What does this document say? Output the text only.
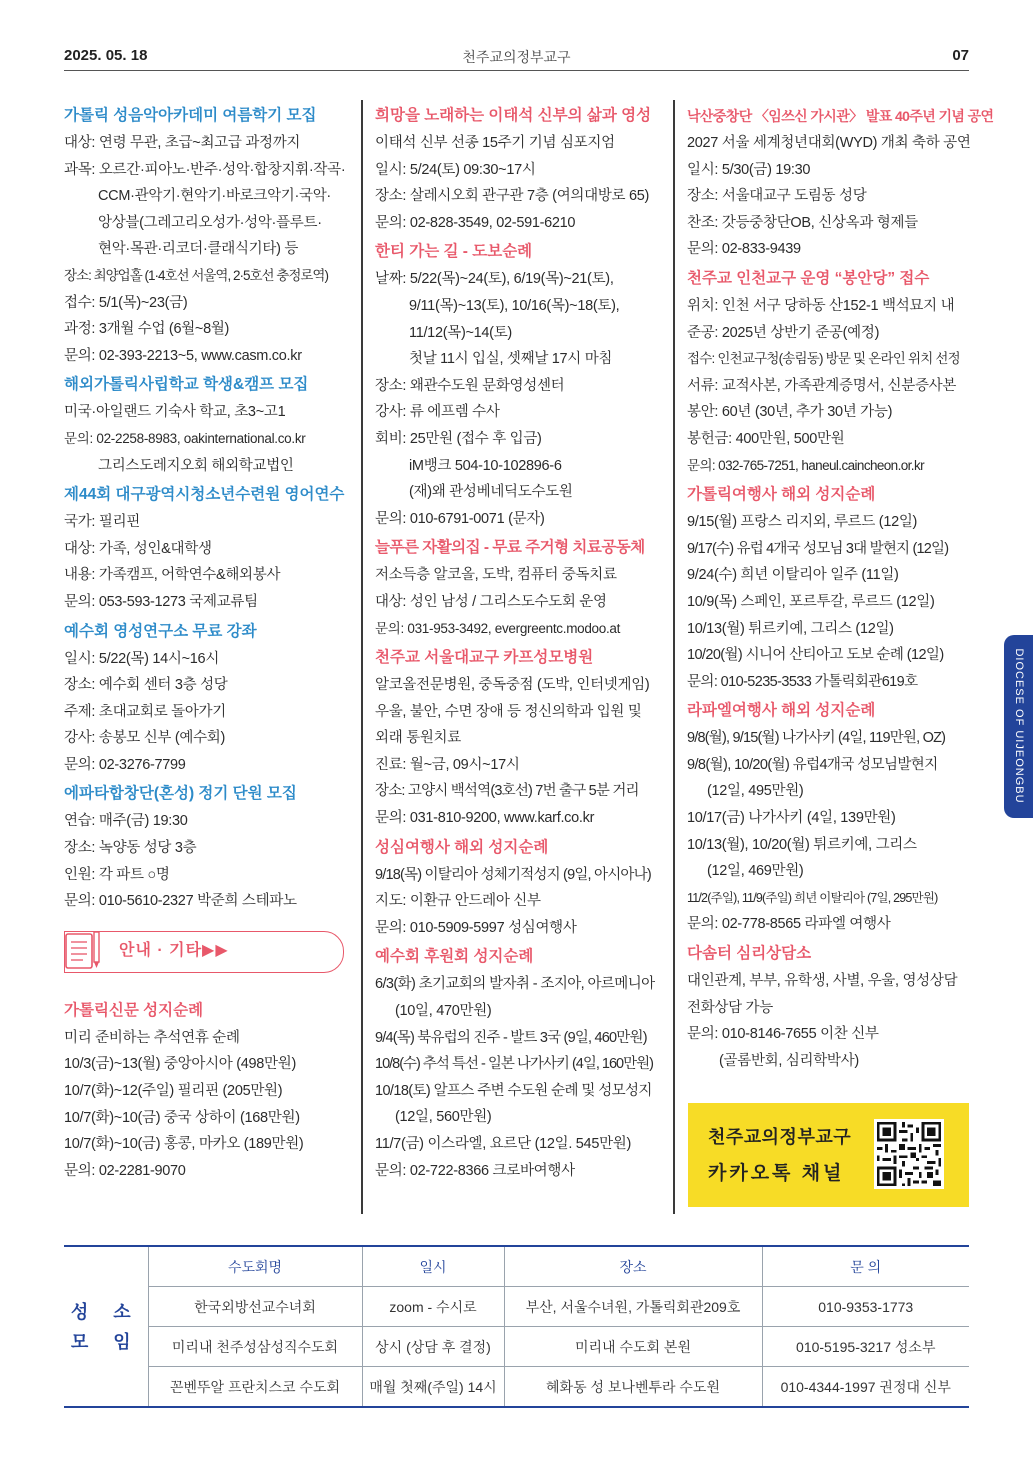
2025. 05. 18	천주교의정부교구	07
가톨릭 성음악아카데미 여름학기 모집
대상: 연령 무관, 초급~최고급 과정까지
과목: 오르간·피아노·반주·성악·합창지휘·작곡·
CCM·관악기·현악기·바로크악기·국악·
앙상블(그레고리오성가·성악·플루트·
현악·목관·리코더·클래식기타) 등
장소: 최양업홀 (1·4호선 서울역, 2·5호선 충정로역)
접수: 5/1(목)~23(금)
과정: 3개월 수업 (6월~8월)
문의: 02-393-2213~5, www.casm.co.kr
해외가톨릭사립학교 학생&캠프 모집
미국·아일랜드 기숙사 학교, 초3~고1
문의: 02-2258-8983, oakinternational.co.kr
그리스도레지오회 해외학교법인
제44회 대구광역시청소년수련원 영어연수
국가: 필리핀
대상: 가족, 성인&대학생
내용: 가족캠프, 어학연수&해외봉사
문의: 053-593-1273 국제교류팀
예수회 영성연구소 무료 강좌
일시: 5/22(목) 14시~16시
장소: 예수회 센터 3층 성당
주제: 초대교회로 돌아가기
강사: 송봉모 신부 (예수회)
문의: 02-3276-7799
에파타합창단(혼성) 정기 단원 모집
연습: 매주(금) 19:30
장소: 녹양동 성당 3층
인원: 각 파트 ○명
문의: 010-5610-2327 박준희 스테파노
안내 · 기타▶▶
가톨릭신문 성지순례
미리 준비하는 추석연휴 순례
10/3(금)~13(월) 중앙아시아 (498만원)
10/7(화)~12(주일) 필리핀 (205만원)
10/7(화)~10(금) 중국 상하이 (168만원)
10/7(화)~10(금) 홍콩, 마카오 (189만원)
문의: 02-2281-9070
희망을 노래하는 이태석 신부의 삶과 영성
이태석 신부 선종 15주기 기념 심포지엄
일시: 5/24(토) 09:30~17시
장소: 살레시오회 관구관 7층 (여의대방로 65)
문의: 02-828-3549, 02-591-6210
한티 가는 길 - 도보순례
날짜: 5/22(목)~24(토), 6/19(목)~21(토),
9/11(목)~13(토), 10/16(목)~18(토),
11/12(목)~14(토)
첫날 11시 입실, 셋째날 17시 마침
장소: 왜관수도원 문화영성센터
강사: 류 에프렘 수사
회비: 25만원 (접수 후 입금)
iM뱅크 504-10-102896-6
(재)왜 관성베네딕도수도원
문의: 010-6791-0071 (문자)
늘푸른 자활의집 - 무료 주거형 치료공동체
저소득층 알코올, 도박, 컴퓨터 중독치료
대상: 성인 남성 / 그리스도수도회 운영
문의: 031-953-3492, evergreentc.modoo.at
천주교 서울대교구 카프성모병원
알코올전문병원, 중독중점 (도박, 인터넷게임)
우울, 불안, 수면 장애 등 정신의학과 입원 및
외래 통원치료
진료: 월~금, 09시~17시
장소: 고양시 백석역(3호선) 7번 출구 5분 거리
문의: 031-810-9200, www.karf.co.kr
성심여행사 해외 성지순례
9/18(목) 이탈리아 성체기적성지 (9일, 아시아나)
지도: 이환규 안드레아 신부
문의: 010-5909-5997 성심여행사
예수회 후원회 성지순례
6/3(화) 초기교회의 발자취 - 조지아, 아르메니아
(10일, 470만원)
9/4(목) 북유럽의 진주 - 발트 3국 (9일, 460만원)
10/8(수) 추석 특선 - 일본 나가사키 (4일, 160만원)
10/18(토) 알프스 주변 수도원 순례 및 성모성지
(12일, 560만원)
11/7(금) 이스라엘, 요르단 (12일. 545만원)
문의: 02-722-8366 크로바여행사
낙산중창단 〈임쓰신 가시관〉 발표 40주년 기념 공연
2027 서울 세계청년대회(WYD) 개최 축하 공연
일시: 5/30(금) 19:30
장소: 서울대교구 도림동 성당
찬조: 갓등중창단OB, 신상옥과 형제들
문의: 02-833-9439
천주교 인천교구 운영 “봉안당” 접수
위치: 인천 서구 당하동 산152-1 백석묘지 내
준공: 2025년 상반기 준공(예정)
접수: 인천교구청(송림동) 방문 및 온라인 위치 선정
서류: 교적사본, 가족관계증명서, 신분증사본
봉안: 60년 (30년, 추가 30년 가능)
봉헌금: 400만원, 500만원
문의: 032-765-7251, haneul.caincheon.or.kr
가톨릭여행사 해외 성지순례
9/15(월) 프랑스 리지외, 루르드 (12일)
9/17(수) 유럽 4개국 성모님 3대 발현지 (12일)
9/24(수) 희년 이탈리아 일주 (11일)
10/9(목) 스페인, 포르투갈, 루르드 (12일)
10/13(월) 튀르키예, 그리스 (12일)
10/20(월) 시니어 산티아고 도보 순례 (12일)
문의: 010-5235-3533 가톨릭회관619호
라파엘여행사 해외 성지순례
9/8(월), 9/15(월) 나가사키 (4일, 119만원, OZ)
9/8(월), 10/20(월) 유럽4개국 성모님발현지
(12일, 495만원)
10/17(금) 나가사키 (4일, 139만원)
10/13(월), 10/20(월) 튀르키예, 그리스
(12일, 469만원)
11/2(주일), 11/9(주일) 희년 이탈리아 (7일, 295만원)
문의: 02-778-8565 라파엘 여행사
다솜터 심리상담소
대인관계, 부부, 유학생, 사별, 우울, 영성상담
전화상담 가능
문의: 010-8146-7655 이찬 신부
(골롬반회, 심리학박사)
천주교의정부교구
카카오톡 채널
DIOCESE OF UIJEONGBU
성 소
모 임	수도회명	일시	장소	문 의
	한국외방선교수녀회	zoom - 수시로	부산, 서울수녀원, 가톨릭회관209호	010-9353-1773
	미리내 천주성삼성직수도회	상시 (상담 후 결정)	미리내 수도회 본원	010-5195-3217 성소부
	꼰벤뚜알 프란치스코 수도회	매월 첫째(주일) 14시	혜화동 성 보나벤투라 수도원	010-4344-1997 권정대 신부
